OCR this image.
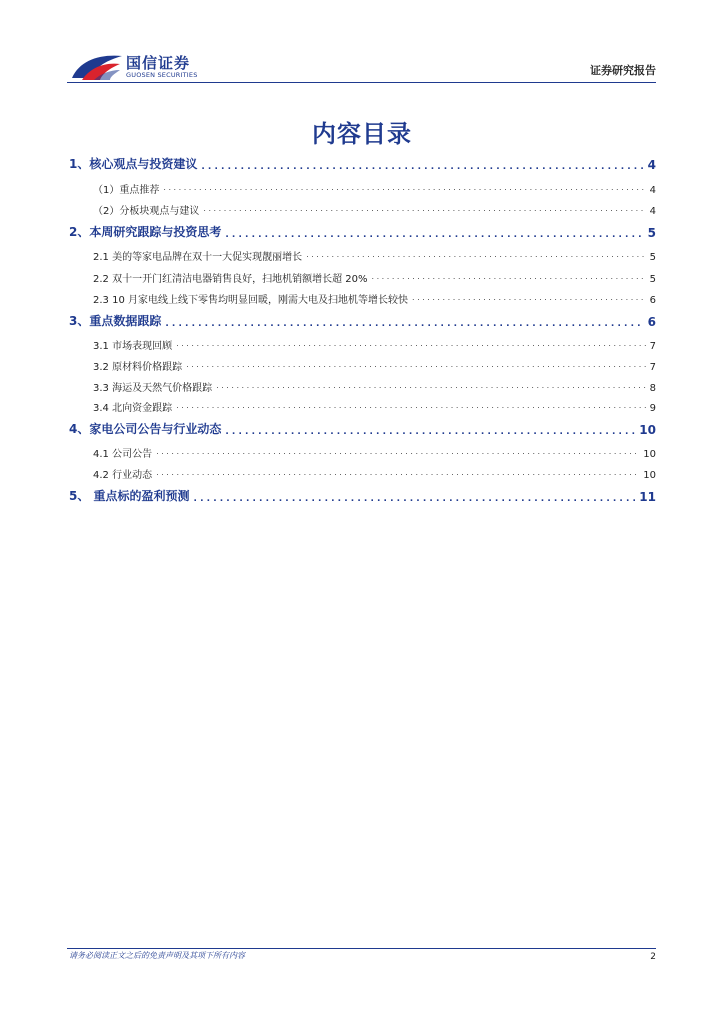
国信证券
GUOSEN SECURITIES	证券研究报告
内容目录
1、核心观点与投资建议 . . .	4
（1）重点推荐 . . .	4
（2）分板块观点与建议 . . .	4
2、本周研究跟踪与投资思考 . . .	5
2.1 美的等家电品牌在双十一大促实现靓丽增长 . . .	5
2.2 双十一开门红清洁电器销售良好，扫地机销额增长超 20% . . .	5
2.3 10 月家电线上线下零售均明显回暖，刚需大电及扫地机等增长较快 . . .	6
3、重点数据跟踪 . . .	6
3.1 市场表现回顾 . . .	7
3.2 原材料价格跟踪 . . .	7
3.3 海运及天然气价格跟踪 . . .	8
3.4 北向资金跟踪 . . .	9
4、家电公司公告与行业动态 . . .	10
4.1 公司公告 . . .	10
4.2 行业动态 . . .	10
5、 重点标的盈利预测 . . .	11
请务必阅读正文之后的免责声明及其项下所有内容	2
